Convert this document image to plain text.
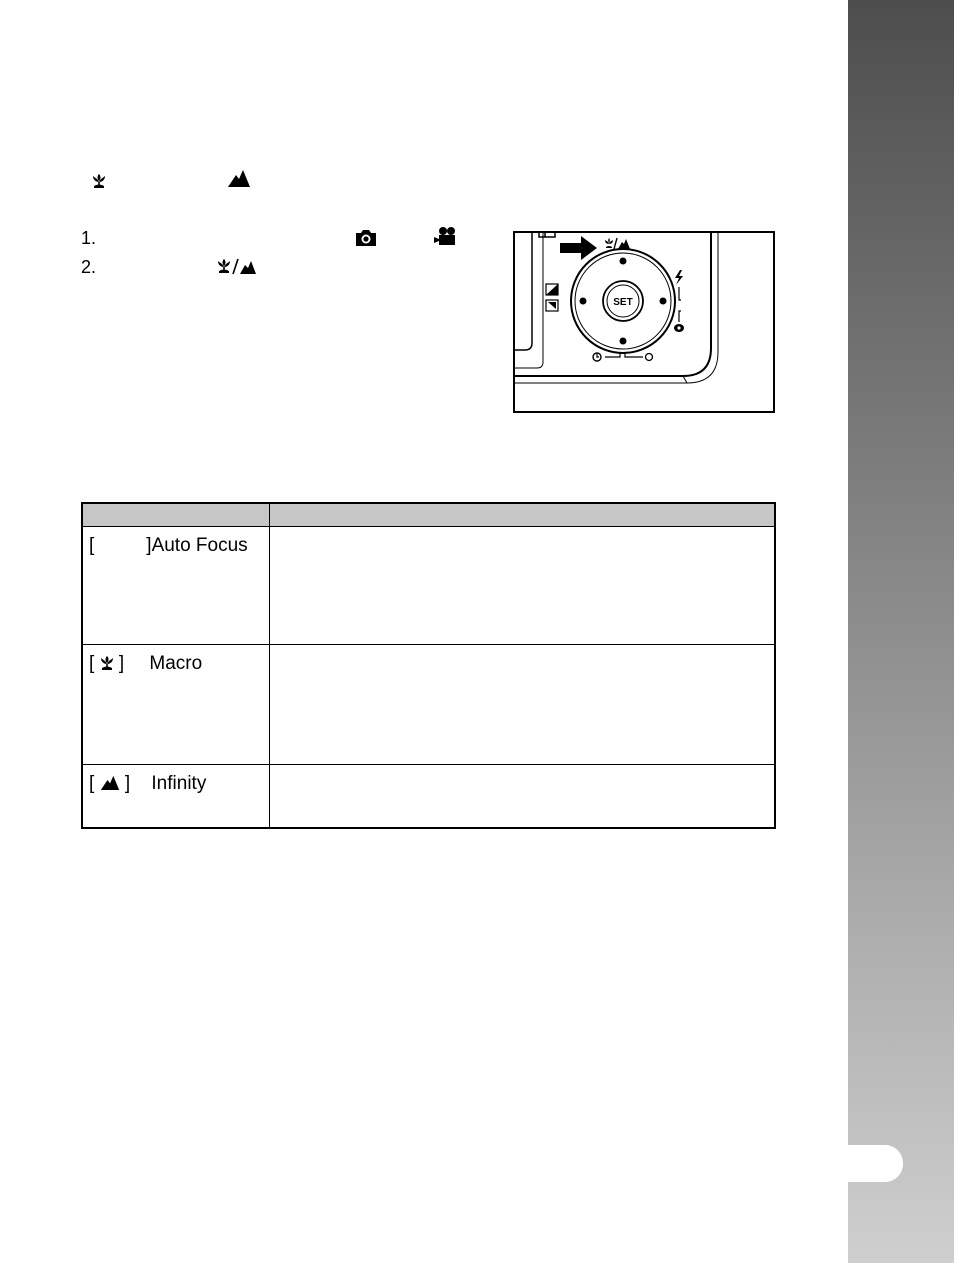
1.
2.
SET

[ ]Auto Focus	
[ ] Macro	
[ ] Infinity	
